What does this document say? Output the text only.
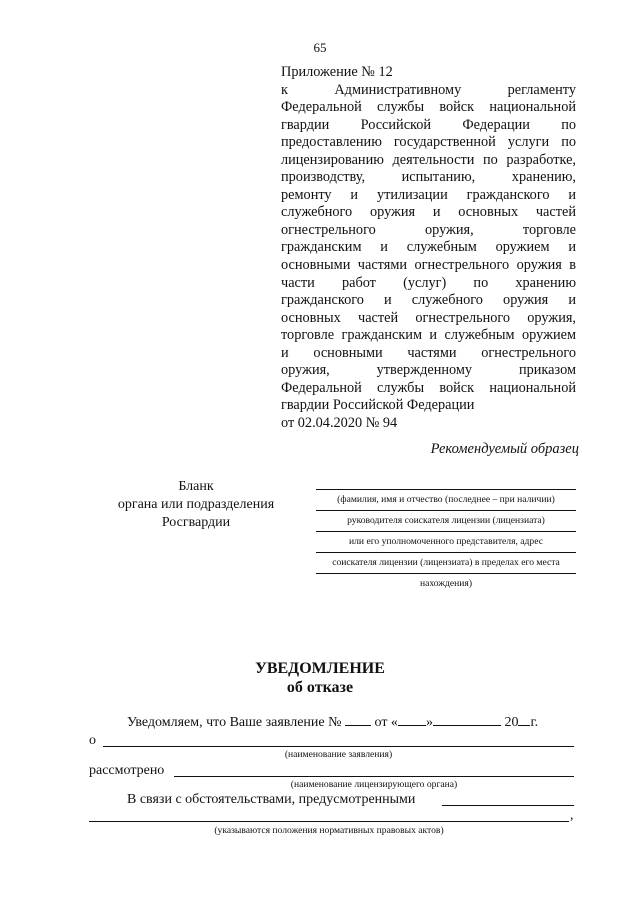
65
Приложение № 12
к Административному регламенту
Федеральной службы войск национальной
гвардии Российской Федерации по
предоставлению государственной услуги по
лицензированию деятельности по разработке,
производству, испытанию, хранению,
ремонту и утилизации гражданского и
служебного оружия и основных частей
огнестрельного оружия, торговле
гражданским и служебным оружием и
основными частями огнестрельного оружия в
части работ (услуг) по хранению
гражданского и служебного оружия и
основных частей огнестрельного оружия,
торговле гражданским и служебным оружием
и основными частями огнестрельного
оружия, утвержденному приказом
Федеральной службы войск национальной
гвардии Российской Федерации
от 02.04.2020 № 94
Рекомендуемый образец
Бланк
органа или подразделения
Росгвардии
(фамилия, имя и отчество (последнее – при наличии)
руководителя соискателя лицензии (лицензиата)
или его уполномоченного представителя, адрес
соискателя лицензии (лицензиата) в пределах его места
нахождения)
УВЕДОМЛЕНИЕ
об отказе
Уведомляем, что Ваше заявление № от « »	20 г.
о
(наименование заявления)
рассмотрено
(наименование лицензирующего органа)
В связи с обстоятельствами, предусмотренными
,
(указываются положения нормативных правовых актов)
